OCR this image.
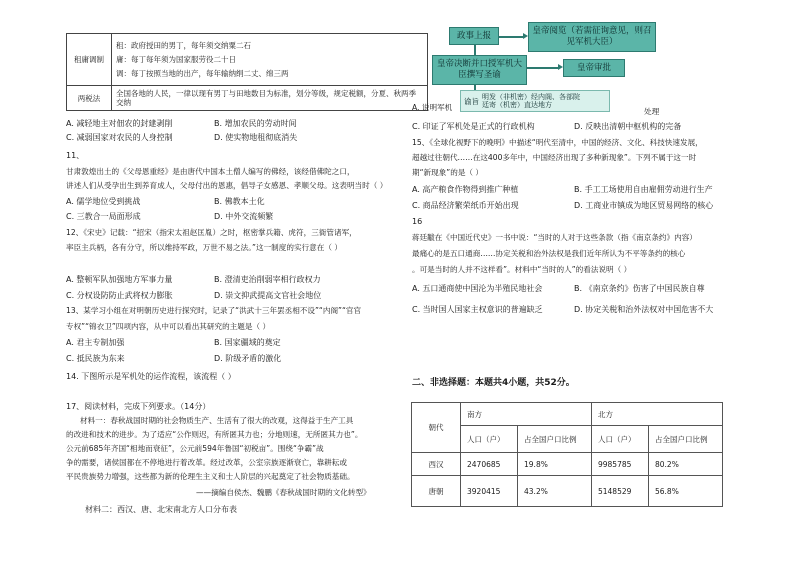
租庸调制	租：政府授田的男丁，每年须交纳粟二石
庸：每丁每年须为国家服劳役二十日
调：每丁按照当地的出产，每年输纳绢二丈、绵三两

两税法	全国各地的人民，一律以现有男丁与田地数目为标准，划分等级，规定税额，分夏、秋两季交纳
政事上报	皇帝阅览（若需征询意见，则召见军机大臣）
皇帝决断并口授军机大臣撰写圣谕
皇帝审批
谕旨 明发（非机密）经内阁、各部院
廷寄（机密）直达地方
A. 减轻地主对佃农的封建剥削	B. 增加农民的劳动时间
C. 减弱国家对农民的人身控制	D. 使实物地租彻底消失
11、
甘肃敦煌出土的《父母恩重经》是由唐代中国本土僧人编写的佛经，该经借佛陀之口，
讲述人们从受孕出生到养育成人，父母付出的恩惠，倡导子女感恩、孝顺父母。这表明当时（ ）
A. 儒学地位受到挑战	B. 佛教本土化
C. 三教合一局面形成	D. 中外交流频繁
12、《宋史》记载：“招宋（指宋太祖赵匡胤）之时，枢密掌兵籍、虎符，三衙管诸军，
率臣主兵柄，各有分守，所以维持军政，万世不易之法。”这一制度的实行意在（ ）
A. 整顿军队加强地方军事力量	B. 澄清吏治削弱宰相行政权力
C. 分权设防防止武将权力膨胀	D. 崇文抑武提高文官社会地位
13、某学习小组在对明朝历史进行探究时，记录了“洪武十三年罢丞相不设”“内阁”“官官
专权”“锦衣卫”四项内容，从中可以看出其研究的主题是（ ）
A. 君主专制加强	B. 国家疆域的奠定
C. 抵民族为东来	D. 阶级矛盾的激化
14. 下图所示是军机处的运作流程，该流程（ ）
17、阅读材料，完成下列要求。（14分）
材料一：春秋战国时期的社会物质生产、生活有了很大的改观，这得益于生产工具
的改进和技术的进步。为了适应“公作则迟，有所匿其力也；分地则速，无所匿其力也”。
公元前685年齐国“相地而衰征”，公元前594年鲁国“初税亩”。围绕“争霸”战
争的需要，诸侯国都在不停地进行着改革。经过改革，公室宗族逐渐衰亡，靠耕耘或
平民贵族势力增强，这些都为新的伦理生主义和士人阶层的兴起奠定了社会物质基础。
——摘编自侯杰、魏鹏《春秋战国时期的文化转型》
材料二：西汉、唐、北宋南北方人口分布表
A. 说明军机	处理
C. 印证了军机处是正式的行政机构	D. 反映出清朝中枢机构的完备
15、《全球化视野下的晚明》中描述“明代至清中，中国的经济、文化、科技快速发展，
超越过往朝代……在这400多年中，中国经济出现了多种新现象”。下列不属于这一时
期“新现象”的是（ ）
A. 高产粮食作物得到推广种植	B. 手工工场使用自由雇佣劳动进行生产
C. 商品经济繁荣纸币开始出现	D. 工商业市镇成为地区贸易网络的核心
16
蒋廷黻在《中国近代史》一书中说：“当时的人对于这些条款（指《南京条约》内容）
最痛心的是五口通商……协定关税和治外法权是我们近年所认为不平等条约的核心
。可是当时的人并不这样看”。材料中“当时的人”的看法说明（ ）
A. 五口通商使中国沦为半殖民地社会	B. 《南京条约》伤害了中国民族自尊
C. 当时国人国家主权意识的普遍缺乏	D. 协定关税和治外法权对中国危害不大
二、非选择题：本题共4小题，共52分。
朝代	南方		北方	
	人口（户）	占全国户口比例	人口（户）	占全国户口比例
西汉	2470685	19.8%	9985785	80.2%
唐朝	3920415	43.2%	5148529	56.8%
